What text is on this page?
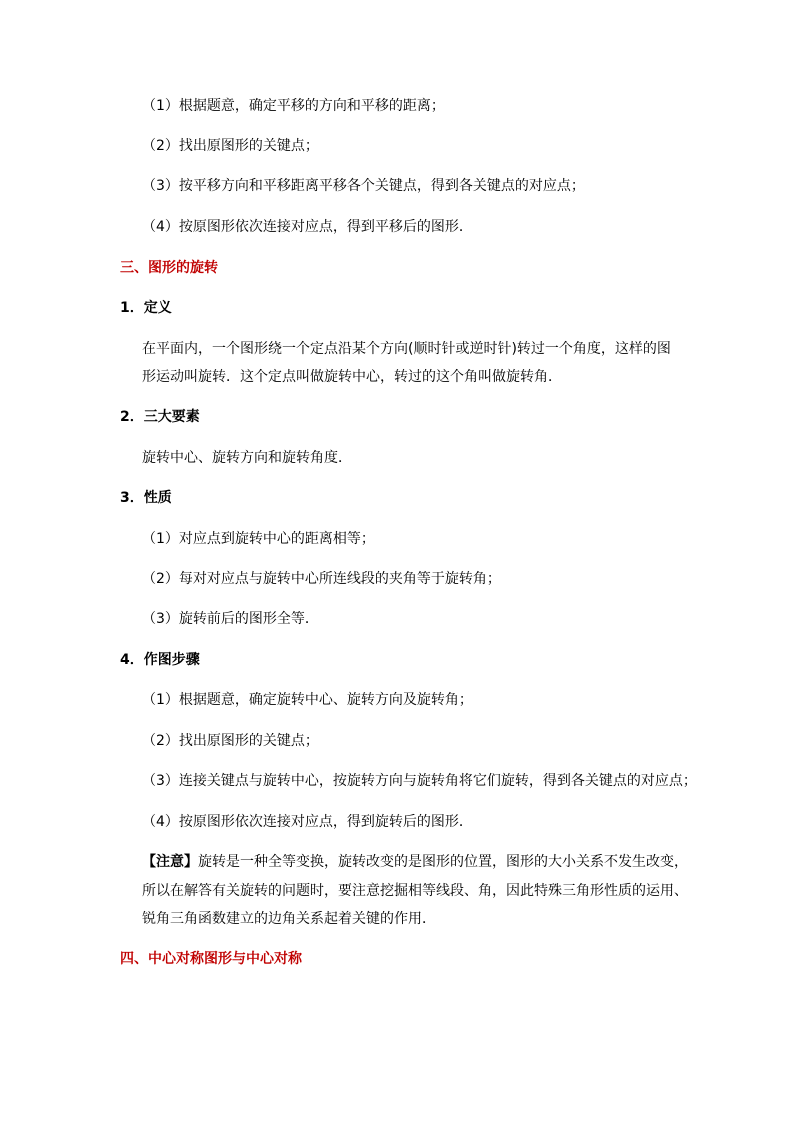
（1）根据题意，确定平移的方向和平移的距离；
（2）找出原图形的关键点；
（3）按平移方向和平移距离平移各个关键点，得到各关键点的对应点；
（4）按原图形依次连接对应点，得到平移后的图形．
三、图形的旋转
1．定义
在平面内，一个图形绕一个定点沿某个方向(顺时针或逆时针)转过一个角度，这样的图
形运动叫旋转．这个定点叫做旋转中心，转过的这个角叫做旋转角．
2．三大要素
旋转中心、旋转方向和旋转角度．
3．性质
（1）对应点到旋转中心的距离相等；
（2）每对对应点与旋转中心所连线段的夹角等于旋转角；
（3）旋转前后的图形全等．
4．作图步骤
（1）根据题意，确定旋转中心、旋转方向及旋转角；
（2）找出原图形的关键点；
（3）连接关键点与旋转中心，按旋转方向与旋转角将它们旋转，得到各关键点的对应点；
（4）按原图形依次连接对应点，得到旋转后的图形．
【注意】旋转是一种全等变换，旋转改变的是图形的位置，图形的大小关系不发生改变，
所以在解答有关旋转的问题时，要注意挖掘相等线段、角，因此特殊三角形性质的运用、
锐角三角函数建立的边角关系起着关键的作用．
四、中心对称图形与中心对称
